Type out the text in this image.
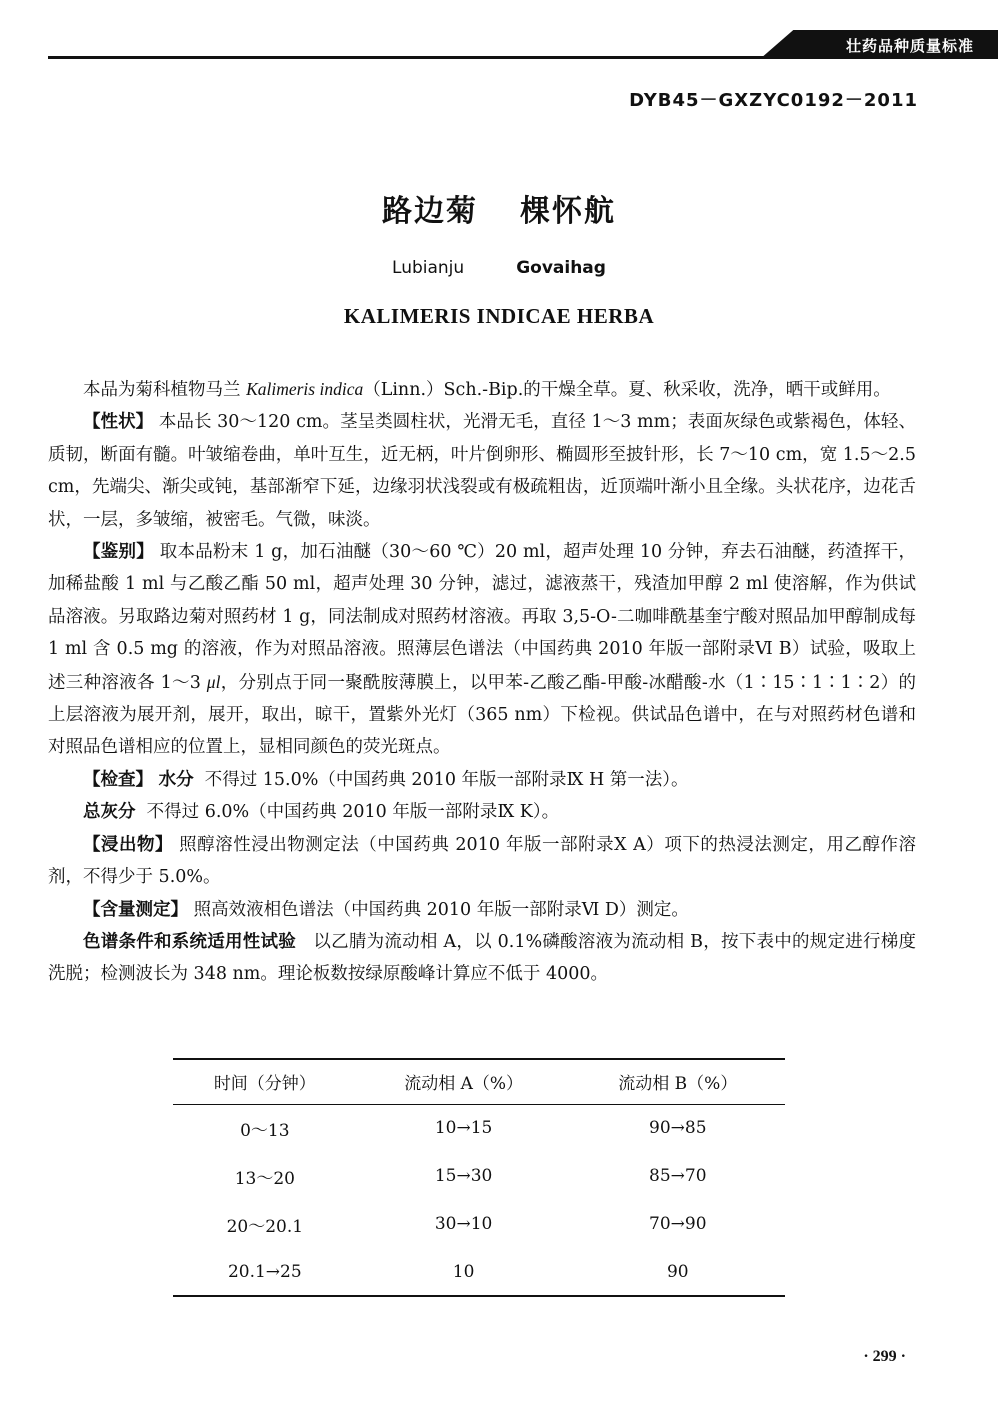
壮药品种质量标准
DYB45－GXZYC0192－2011
路边菊 棵怀航
Lubianju	Govaihag
KALIMERIS INDICAE HERBA

本品为菊科植物马兰 Kalimeris indica（Linn.）Sch.-Bip.的干燥全草。夏、秋采收，洗净，晒干或鲜用。

【性状】 本品长 30～120 cm。茎呈类圆柱状，光滑无毛，直径 1～3 mm；表面灰绿色或紫褐色，体轻、质韧，断面有髓。叶皱缩卷曲，单叶互生，近无柄，叶片倒卵形、椭圆形至披针形，长 7～10 cm，宽 1.5～2.5 cm，先端尖、渐尖或钝，基部渐窄下延，边缘羽状浅裂或有极疏粗齿，近顶端叶渐小且全缘。头状花序，边花舌状，一层，多皱缩，被密毛。气微，味淡。

【鉴别】 取本品粉末 1 g，加石油醚（30～60 ℃）20 ml，超声处理 10 分钟，弃去石油醚，药渣挥干，加稀盐酸 1 ml 与乙酸乙酯 50 ml，超声处理 30 分钟，滤过，滤液蒸干，残渣加甲醇 2 ml 使溶解，作为供试品溶液。另取路边菊对照药材 1 g，同法制成对照药材溶液。再取 3,5-O-二咖啡酰基奎宁酸对照品加甲醇制成每 1 ml 含 0.5 mg 的溶液，作为对照品溶液。照薄层色谱法（中国药典 2010 年版一部附录Ⅵ B）试验，吸取上述三种溶液各 1～3 μl，分别点于同一聚酰胺薄膜上，以甲苯-乙酸乙酯-甲酸-冰醋酸-水（1∶15∶1∶1∶2）的上层溶液为展开剂，展开，取出，晾干，置紫外光灯（365 nm）下检视。供试品色谱中，在与对照药材色谱和对照品色谱相应的位置上，显相同颜色的荧光斑点。

【检查】 水分 不得过 15.0%（中国药典 2010 年版一部附录Ⅸ H 第一法）。

总灰分 不得过 6.0%（中国药典 2010 年版一部附录Ⅸ K）。

【浸出物】 照醇溶性浸出物测定法（中国药典 2010 年版一部附录Ⅹ A）项下的热浸法测定，用乙醇作溶剂，不得少于 5.0%。

【含量测定】 照高效液相色谱法（中国药典 2010 年版一部附录Ⅵ D）测定。

色谱条件和系统适用性试验 以乙腈为流动相 A，以 0.1%磷酸溶液为流动相 B，按下表中的规定进行梯度洗脱；检测波长为 348 nm。理论板数按绿原酸峰计算应不低于 4000。

时间（分钟）	流动相 A（%）	流动相 B（%）
0～13	10→15	90→85
13～20	15→30	85→70
20～20.1	30→10	70→90
20.1→25	10	90
· 299 ·
